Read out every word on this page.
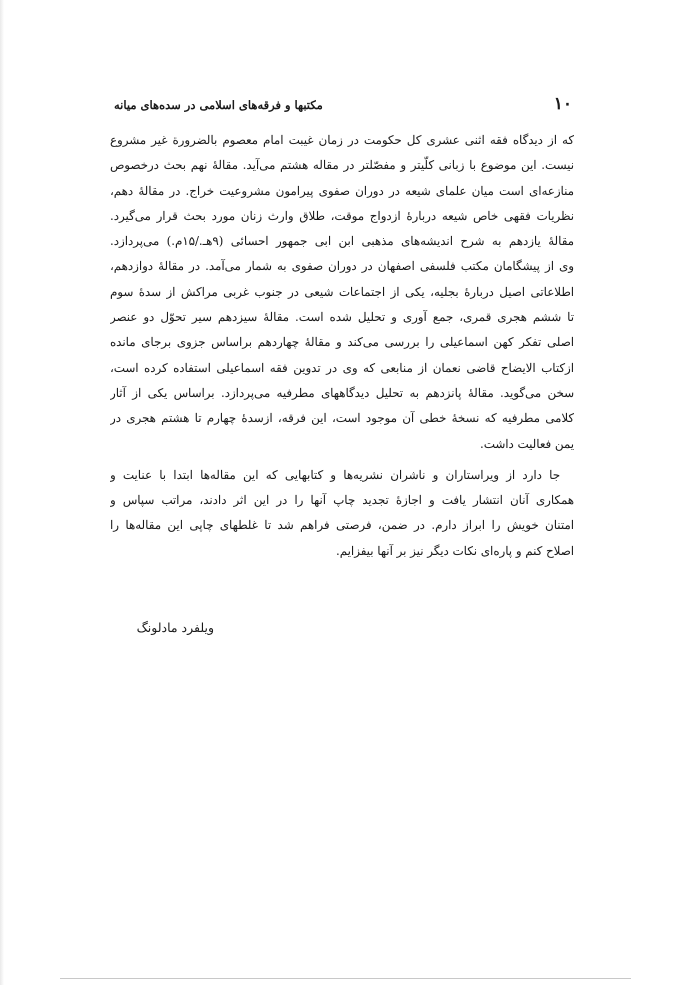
١٠
مکتبها و فرقه‌های اسلامی در سده‌های میانه
که از دیدگاه فقه اثنی عشری کل حکومت در زمان غیبت امام معصوم بالضرورة غیر مشروع
نیست. این موضوع با زبانی کلّیتر و مفصّلتر در مقاله هشتم می‌آید. مقالهٔ نهم بحث درخصوص
منازعه‌ای است میان علمای شیعه در دوران صفوی پیرامون مشروعیت خراج. در مقالهٔ دهم،
نظریات فقهی خاص شیعه دربارهٔ ازدواج موقت، طلاق وارث زنان مورد بحث قرار می‌گیرد.
مقالهٔ یازدهم به شرح اندیشه‌های مذهبی ابن ابی جمهور احسائی (۹هـ./۱۵م.) می‌پردازد.
وی از پیشگامان مکتب فلسفی اصفهان در دوران صفوی به شمار می‌آمد. در مقالهٔ دوازدهم،
اطلاعاتی اصیل دربارهٔ بجلیه، یکی از اجتماعات شیعی در جنوب غربی مراکش از سدهٔ سوم
تا ششم هجری قمری، جمع آوری و تحلیل شده است. مقالهٔ سیزدهم سیر تحوّل دو عنصر
اصلی تفکر کهن اسماعیلی را بررسی می‌کند و مقالهٔ چهاردهم براساس جزوی برجای مانده
ازکتاب الایضاح قاضی نعمان از منابعی که وی در تدوین فقه اسماعیلی استفاده کرده است،
سخن می‌گوید. مقالهٔ پانزدهم به تحلیل دیدگاههای مطرفیه می‌پردازد. براساس یکی از آثار
کلامی مطرفیه که نسخهٔ خطی آن موجود است، این فرقه، ازسدهٔ چهارم تا هشتم هجری در
یمن فعالیت داشت.
جا دارد از ویراستاران و ناشران نشریه‌ها و کتابهایی که این مقاله‌ها ابتدا با عنایت و
همکاری آنان انتشار یافت و اجازهٔ تجدید چاپ آنها را در این اثر دادند، مراتب سپاس و
امتنان خویش را ابراز دارم. در ضمن، فرصتی فراهم شد تا غلطهای چاپی این مقاله‌ها را
اصلاح کنم و پاره‌ای نکات دیگر نیز بر آنها بیفزایم.
ویلفرد مادلونگ
